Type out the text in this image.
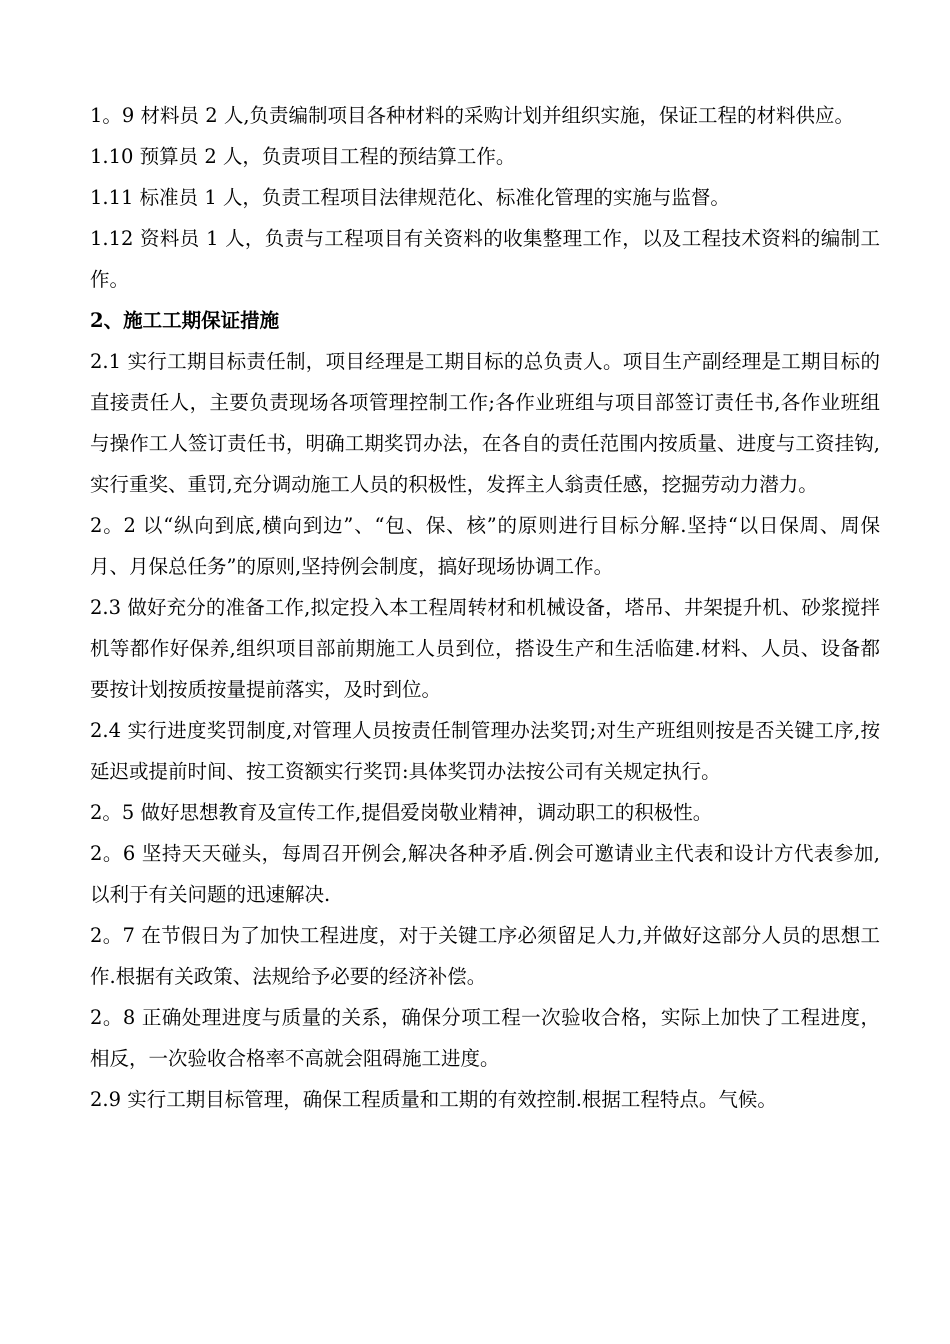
1。9 材料员 2 人,负责编制项目各种材料的采购计划并组织实施，保证工程的材料供应。

1.10 预算员 2 人，负责项目工程的预结算工作。

1.11 标准员 1 人，负责工程项目法律规范化、标准化管理的实施与监督。

1.12 资料员 1 人，负责与工程项目有关资料的收集整理工作，以及工程技术资料的编制工作。

2、施工工期保证措施

2.1 实行工期目标责任制，项目经理是工期目标的总负责人。项目生产副经理是工期目标的直接责任人，主要负责现场各项管理控制工作;各作业班组与项目部签订责任书,各作业班组与操作工人签订责任书，明确工期奖罚办法，在各自的责任范围内按质量、进度与工资挂钩,实行重奖、重罚,充分调动施工人员的积极性，发挥主人翁责任感，挖掘劳动力潜力。

2。2 以“纵向到底,横向到边”、“包、保、核”的原则进行目标分解.坚持“以日保周、周保月、月保总任务”的原则,坚持例会制度，搞好现场协调工作。

2.3 做好充分的准备工作,拟定投入本工程周转材和机械设备，塔吊、井架提升机、砂浆搅拌机等都作好保养,组织项目部前期施工人员到位，搭设生产和生活临建.材料、人员、设备都要按计划按质按量提前落实，及时到位。

2.4 实行进度奖罚制度,对管理人员按责任制管理办法奖罚;对生产班组则按是否关键工序,按延迟或提前时间、按工资额实行奖罚:具体奖罚办法按公司有关规定执行。

2。5 做好思想教育及宣传工作,提倡爱岗敬业精神，调动职工的积极性。

2。6 坚持天天碰头，每周召开例会,解决各种矛盾.例会可邀请业主代表和设计方代表参加,以利于有关问题的迅速解决.

2。7 在节假日为了加快工程进度，对于关键工序必须留足人力,并做好这部分人员的思想工作.根据有关政策、法规给予必要的经济补偿。

2。8 正确处理进度与质量的关系，确保分项工程一次验收合格，实际上加快了工程进度，相反，一次验收合格率不高就会阻碍施工进度。

2.9 实行工期目标管理，确保工程质量和工期的有效控制.根据工程特点。气候。
